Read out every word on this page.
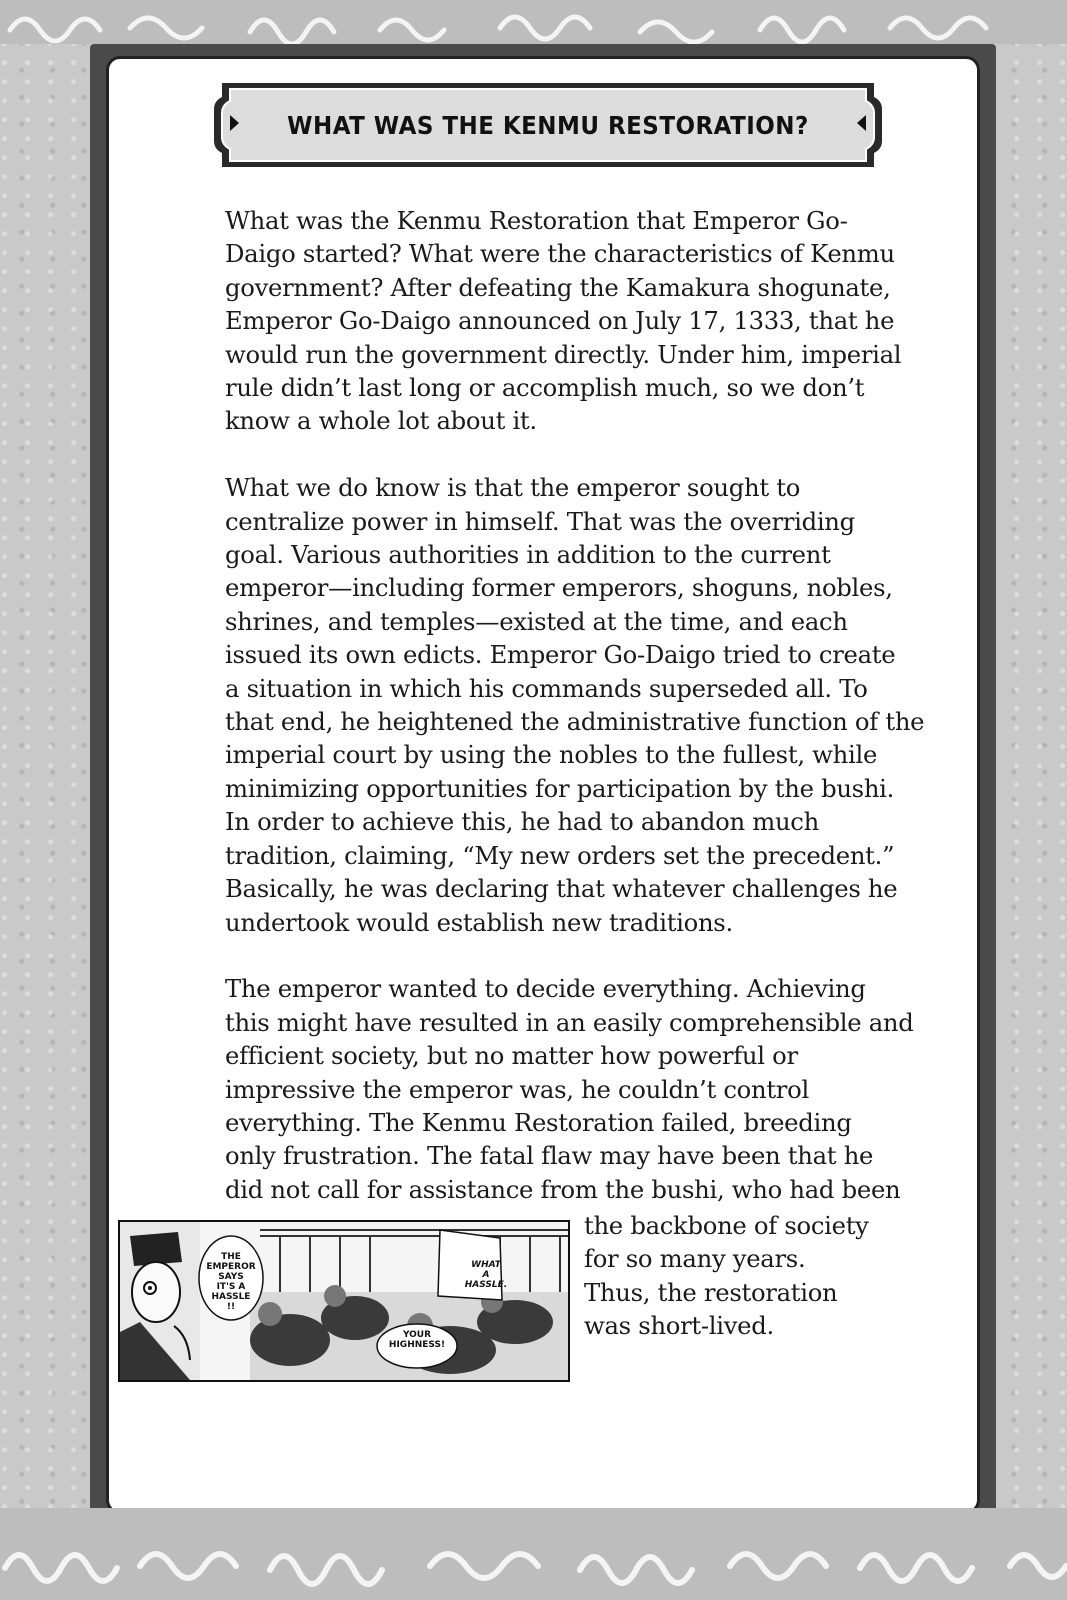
WHAT WAS THE KENMU RESTORATION?

What was the Kenmu Restoration that Emperor Go-
Daigo started? What were the characteristics of Kenmu
government? After defeating the Kamakura shogunate,
Emperor Go-Daigo announced on July 17, 1333, that he
would run the government directly. Under him, imperial
rule didn’t last long or accomplish much, so we don’t
know a whole lot about it.

What we do know is that the emperor sought to
centralize power in himself. That was the overriding
goal. Various authorities in addition to the current
emperor—including former emperors, shoguns, nobles,
shrines, and temples—existed at the time, and each
issued its own edicts. Emperor Go-Daigo tried to create
a situation in which his commands superseded all. To
that end, he heightened the administrative function of the
imperial court by using the nobles to the fullest, while
minimizing opportunities for participation by the bushi.
In order to achieve this, he had to abandon much
tradition, claiming, “My new orders set the precedent.”
Basically, he was declaring that whatever challenges he
undertook would establish new traditions.

The emperor wanted to decide everything. Achieving
this might have resulted in an easily comprehensible and
efficient society, but no matter how powerful or
impressive the emperor was, he couldn’t control
everything. The Kenmu Restoration failed, breeding
only frustration. The fatal flaw may have been that he
did not call for assistance from the bushi, who had been

the backbone of society
for so many years.
Thus, the restoration
was short-lived.
THE
EMPEROR
SAYS
IT'S A
HASSLE
!!
WHAT
A
HASSLE.
YOUR
HIGHNESS!
